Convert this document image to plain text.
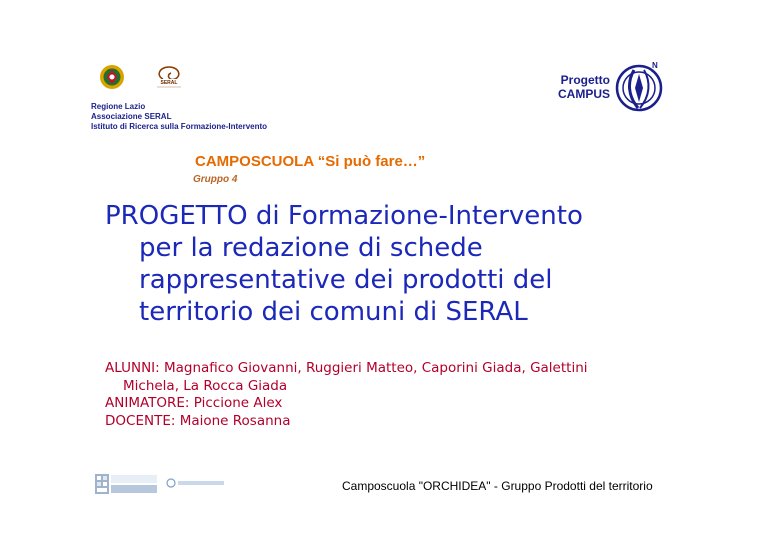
SERAL
Regione Lazio
Associazione SERAL
Istituto di Ricerca sulla Formazione-Intervento
Progetto
CAMPUS
N
CAMPOSCUOLA “Si può fare…”
Gruppo 4
PROGETTO di Formazione-Intervento
per la redazione di schede
rappresentative dei prodotti del
territorio dei comuni di SERAL
ALUNNI: Magnafico Giovanni, Ruggieri Matteo, Caporini Giada, Galettini
Michela, La Rocca Giada
ANIMATORE: Piccione Alex
DOCENTE: Maione Rosanna
Camposcuola "ORCHIDEA" - Gruppo Prodotti del territorio
